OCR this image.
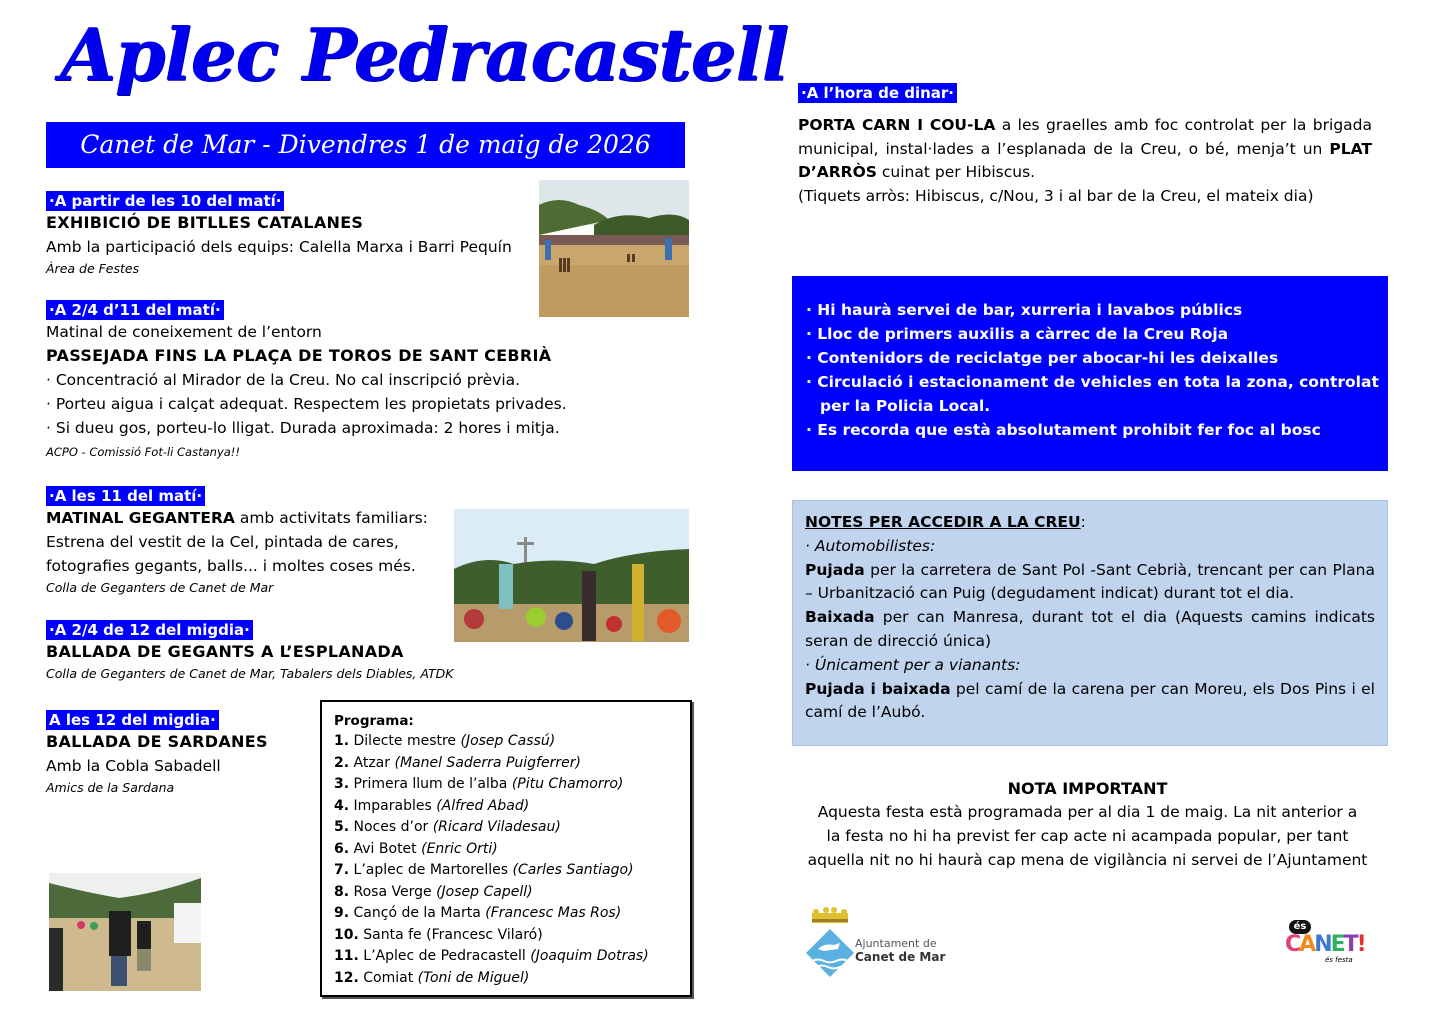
Aplec Pedracastell
Canet de Mar - Divendres 1 de maig de 2026
·A partir de les 10 del matí·
EXHIBICIÓ DE BITLLES CATALANES
Amb la participació dels equips: Calella Marxa i Barri Pequín
Àrea de Festes
·A 2/4 d’11 del matí·
Matinal de coneixement de l’entorn
PASSEJADA FINS LA PLAÇA DE TOROS DE SANT CEBRIÀ
· Concentració al Mirador de la Creu. No cal inscripció prèvia.
· Porteu aigua i calçat adequat. Respectem les propietats privades.
· Si dueu gos, porteu-lo lligat. Durada aproximada: 2 hores i mitja.
ACPO - Comissió Fot-li Castanya!!
·A les 11 del matí·
MATINAL GEGANTERA amb activitats familiars:
Estrena del vestit de la Cel, pintada de cares,
fotografies gegants, balls... i moltes coses més.
Colla de Geganters de Canet de Mar
·A 2/4 de 12 del migdia·
BALLADA DE GEGANTS A L’ESPLANADA
Colla de Geganters de Canet de Mar, Tabalers dels Diables, ATDK
A les 12 del migdia·
BALLADA DE SARDANES
Amb la Cobla Sabadell
Amics de la Sardana
Programa:
1. Dilecte mestre (Josep Cassú)
2. Atzar (Manel Saderra Puigferrer)
3. Primera llum de l’alba (Pitu Chamorro)
4. Imparables (Alfred Abad)
5. Noces d’or (Ricard Viladesau)
6. Avi Botet (Enric Orti)
7. L’aplec de Martorelles (Carles Santiago)
8. Rosa Verge (Josep Capell)
9. Cançó de la Marta (Francesc Mas Ros)
10. Santa fe (Francesc Vilaró)
11. L’Aplec de Pedracastell (Joaquim Dotras)
12. Comiat (Toni de Miguel)
·A l’hora de dinar·
PORTA CARN I COU-LA a les graelles amb foc controlat per la brigada municipal, instal·lades a l’esplanada de la Creu, o bé, menja’t un PLAT D’ARRÒS cuinat per Hibiscus.
(Tiquets arròs: Hibiscus, c/Nou, 3 i al bar de la Creu, el mateix dia)
· Hi haurà servei de bar, xurreria i lavabos públics
· Lloc de primers auxilis a càrrec de la Creu Roja
· Contenidors de reciclatge per abocar-hi les deixalles
· Circulació i estacionament de vehicles en tota la zona, controlat
per la Policia Local.
· Es recorda que està absolutament prohibit fer foc al bosc
NOTES PER ACCEDIR A LA CREU:
· Automobilistes:
Pujada per la carretera de Sant Pol -Sant Cebrià, trencant per can Plana – Urbanització can Puig (degudament indicat) durant tot el dia.
Baixada per can Manresa, durant tot el dia (Aquests camins indicats seran de direcció única)
· Únicament per a vianants:
Pujada i baixada pel camí de la carena per can Moreu, els Dos Pins i el camí de l’Aubó.
NOTA IMPORTANT
Aquesta festa està programada per al dia 1 de maig. La nit anterior a
la festa no hi ha previst fer cap acte ni acampada popular, per tant
aquella nit no hi haurà cap mena de vigilància ni servei de l’Ajuntament
Ajuntament de
Canet de Mar
és
CANET!
és festa
